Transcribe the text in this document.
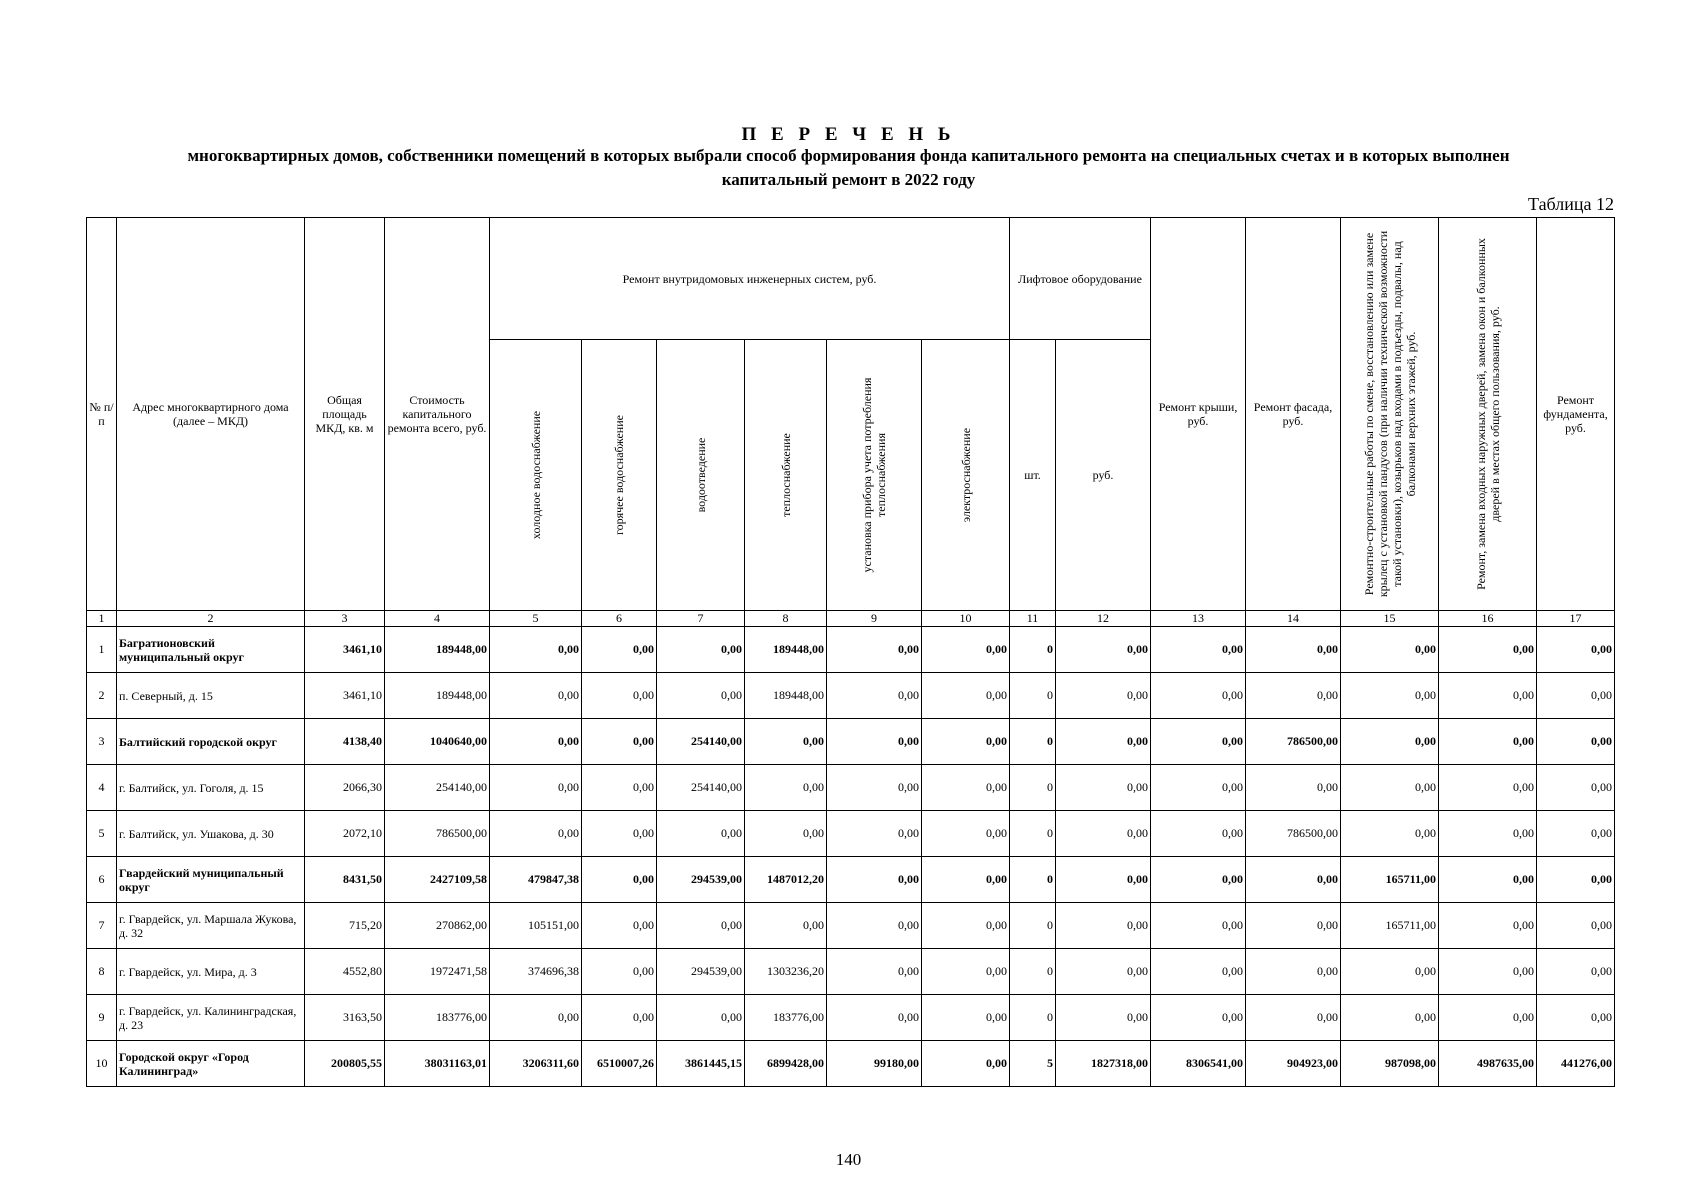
П Е Р Е Ч Е Н Ь
многоквартирных домов, собственники помещений в которых выбрали способ формирования фонда капитального ремонта на специальных счетах и в которых выполнен
капитальный ремонт в 2022 году
Таблица 12
№ п/п	Адрес многоквартирного дома (далее – МКД)	Общая площадь МКД, кв. м	Стоимость капитального ремонта всего, руб.	Ремонт внутридомовых инженерных систем, руб.						Лифтовое оборудование		Ремонт крыши, руб.	Ремонт фасада, руб.	Ремонтно-строительные работы по смене, восстановлению или замене крылец с установкой пандусов (при наличии технической возможности такой установки), козырьков над входами в подъезды, подвалы, над балконами верхних этажей, руб.	Ремонт, замена входных наружных дверей, замена окон и балконных дверей в местах общего пользования, руб.	Ремонт фундамента, руб.

				холодное водоснабжение	горячее водоснабжение	водоотведение	теплоснабжение	установка прибора учета потребления теплоснабжения	электроснабжение	шт.	руб.					
1	2	3	4	5	6	7	8	9	10	11	12	13	14	15	16	17
1	Багратионовский муниципальный округ	3461,10	189448,00	0,00	0,00	0,00	189448,00	0,00	0,00	0	0,00	0,00	0,00	0,00	0,00	0,00
2	п. Северный, д. 15	3461,10	189448,00	0,00	0,00	0,00	189448,00	0,00	0,00	0	0,00	0,00	0,00	0,00	0,00	0,00
3	Балтийский городской округ	4138,40	1040640,00	0,00	0,00	254140,00	0,00	0,00	0,00	0	0,00	0,00	786500,00	0,00	0,00	0,00
4	г. Балтийск, ул. Гоголя, д. 15	2066,30	254140,00	0,00	0,00	254140,00	0,00	0,00	0,00	0	0,00	0,00	0,00	0,00	0,00	0,00
5	г. Балтийск, ул. Ушакова, д. 30	2072,10	786500,00	0,00	0,00	0,00	0,00	0,00	0,00	0	0,00	0,00	786500,00	0,00	0,00	0,00
6	Гвардейский муниципальный округ	8431,50	2427109,58	479847,38	0,00	294539,00	1487012,20	0,00	0,00	0	0,00	0,00	0,00	165711,00	0,00	0,00
7	г. Гвардейск, ул. Маршала Жукова, д. 32	715,20	270862,00	105151,00	0,00	0,00	0,00	0,00	0,00	0	0,00	0,00	0,00	165711,00	0,00	0,00
8	г. Гвардейск, ул. Мира, д. 3	4552,80	1972471,58	374696,38	0,00	294539,00	1303236,20	0,00	0,00	0	0,00	0,00	0,00	0,00	0,00	0,00
9	г. Гвардейск, ул. Калининградская, д. 23	3163,50	183776,00	0,00	0,00	0,00	183776,00	0,00	0,00	0	0,00	0,00	0,00	0,00	0,00	0,00
10	Городской округ «Город Калининград»	200805,55	38031163,01	3206311,60	6510007,26	3861445,15	6899428,00	99180,00	0,00	5	1827318,00	8306541,00	904923,00	987098,00	4987635,00	441276,00
140
